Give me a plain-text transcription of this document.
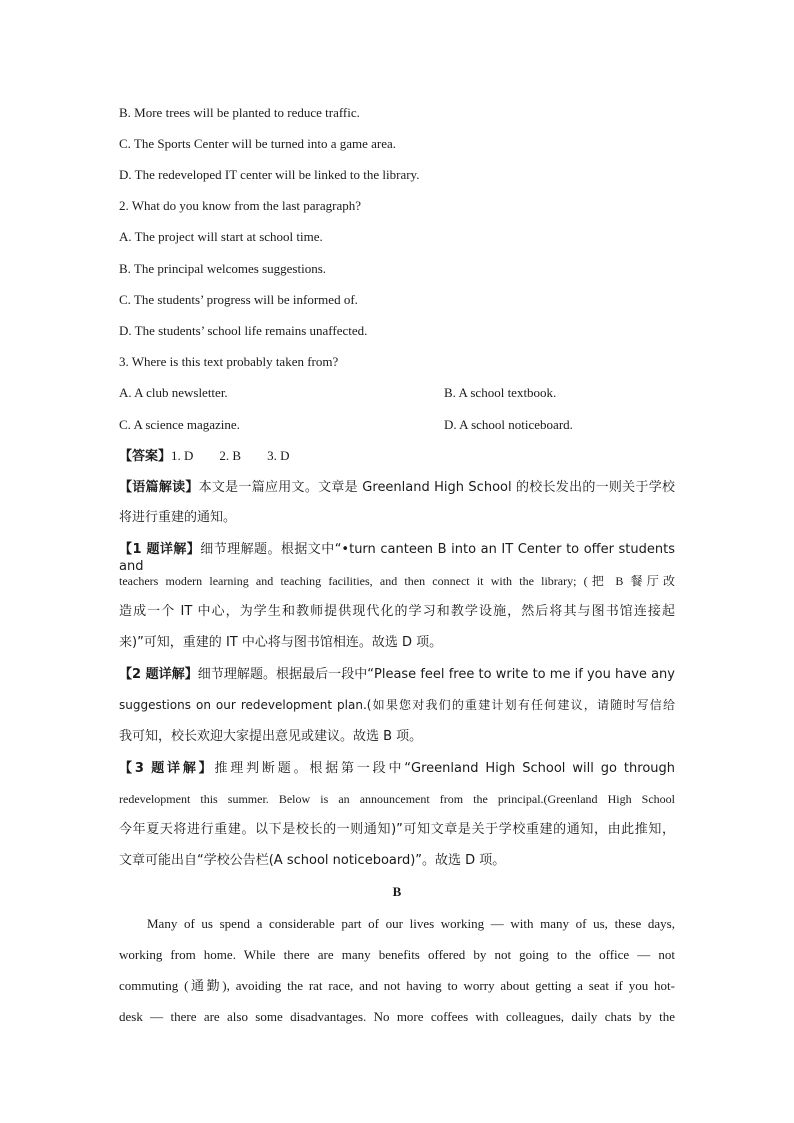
B. More trees will be planted to reduce traffic.
C. The Sports Center will be turned into a game area.
D. The redeveloped IT center will be linked to the library.
2. What do you know from the last paragraph?
A. The project will start at school time.
B. The principal welcomes suggestions.
C. The students’ progress will be informed of.
D. The students’ school life remains unaffected.
3. Where is this text probably taken from?
A. A club newsletter.	B. A school textbook.
C. A science magazine.	D. A school noticeboard.
【答案】1. D        2. B        3. D
【语篇解读】本文是一篇应用文。文章是 Greenland High School 的校长发出的一则关于学校
将进行重建的通知。
【1 题详解】细节理解题。根据文中“•turn canteen B into an IT Center to offer students and
teachers modern learning and teaching facilities, and then connect it with the library; (把 B 餐厅改
造成一个 IT 中心，为学生和教师提供现代化的学习和教学设施，然后将其与图书馆连接起
来)”可知，重建的 IT 中心将与图书馆相连。故选 D 项。
【2 题详解】细节理解题。根据最后一段中“Please feel free to write to me if you have any
suggestions on our redevelopment plan.(如果您对我们的重建计划有任何建议，请随时写信给
我可知，校长欢迎大家提出意见或建议。故选 B 项。
【3 题详解】推理判断题。根据第一段中“Greenland High School will go through
redevelopment this summer. Below is an announcement from the principal.(Greenland High School
今年夏天将进行重建。以下是校长的一则通知)”可知文章是关于学校重建的通知，由此推知，
文章可能出自“学校公告栏(A school noticeboard)”。故选 D 项。
B
Many of us spend a considerable part of our lives working — with many of us, these days,
working from home. While there are many benefits offered by not going to the office — not
commuting (通勤), avoiding the rat race, and not having to worry about getting a seat if you hot-
desk — there are also some disadvantages. No more coffees with colleagues, daily chats by the
